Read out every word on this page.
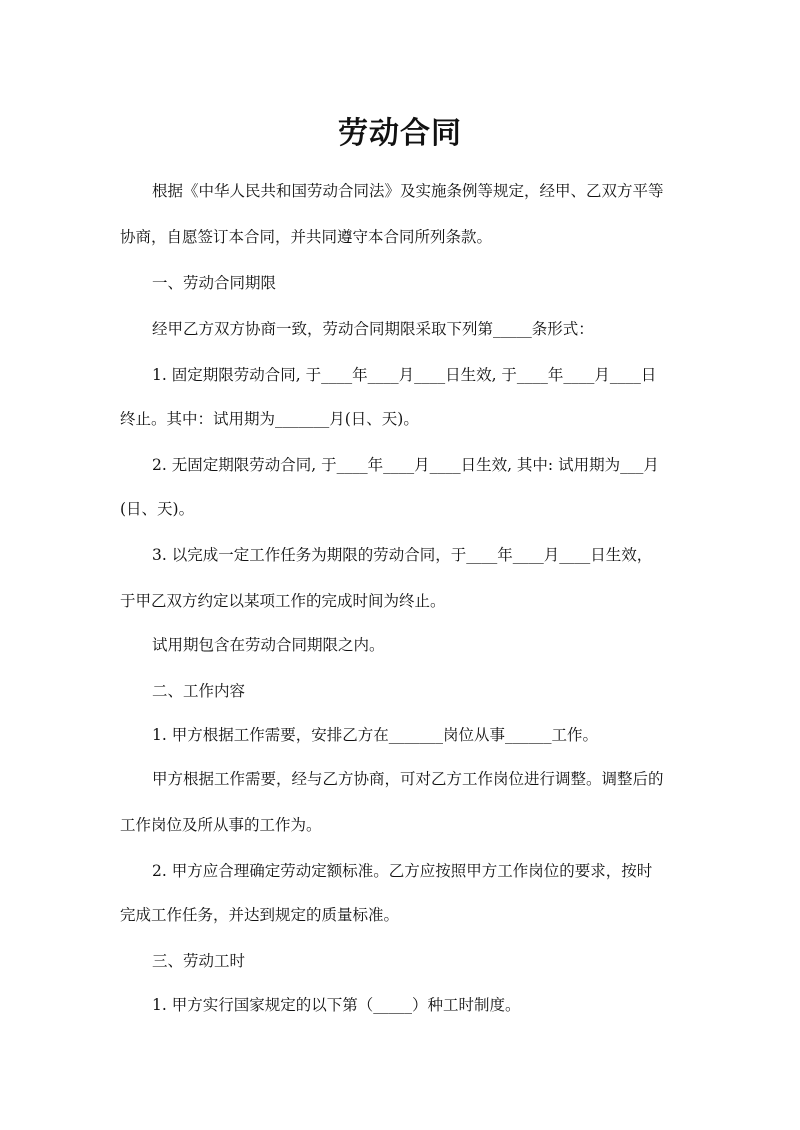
劳动合同
根据《中华人民共和国劳动合同法》及实施条例等规定，经甲、乙双方平等
协商，自愿签订本合同，并共同遵守本合同所列条款。
一、劳动合同期限
经甲乙方双方协商一致，劳动合同期限采取下列第_____条形式：
1. 固定期限劳动合同, 于____年____月____日生效, 于____年____月____日
终止。其中：试用期为_______月(日、天)。
2. 无固定期限劳动合同, 于____年____月____日生效, 其中: 试用期为___月
(日、天)。
3. 以完成一定工作任务为期限的劳动合同，于____年____月____日生效，
于甲乙双方约定以某项工作的完成时间为终止。
试用期包含在劳动合同期限之内。
二、工作内容
1. 甲方根据工作需要，安排乙方在_______岗位从事______工作。
甲方根据工作需要，经与乙方协商，可对乙方工作岗位进行调整。调整后的
工作岗位及所从事的工作为。
2. 甲方应合理确定劳动定额标准。乙方应按照甲方工作岗位的要求，按时
完成工作任务，并达到规定的质量标准。
三、劳动工时
1. 甲方实行国家规定的以下第（_____）种工时制度。
